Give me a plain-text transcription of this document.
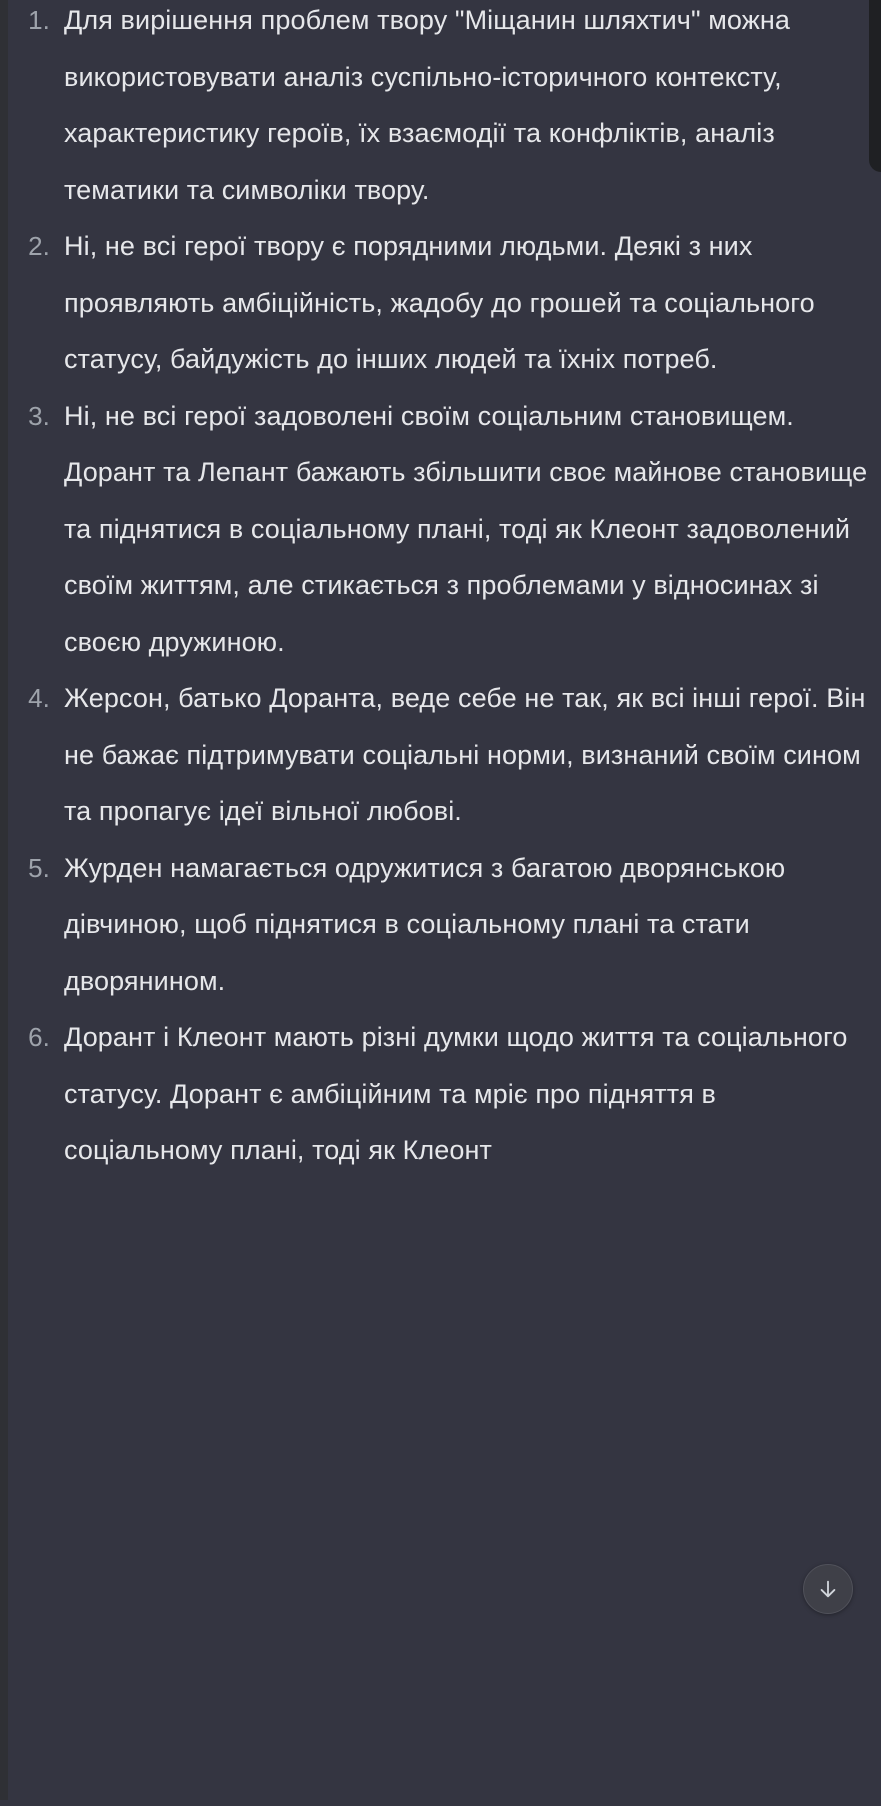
Для вирішення проблем твору "Міщанин шляхтич" можна використовувати аналіз суспільно-історичного контексту, характеристику героїв, їх взаємодії та конфліктів, аналіз тематики та символіки твору.
Ні, не всі герої твору є порядними людьми. Деякі з них проявляють амбіційність, жадобу до грошей та соціального статусу, байдужість до інших людей та їхніх потреб.
Ні, не всі герої задоволені своїм соціальним становищем. Дорант та Лепант бажають збільшити своє майнове становище та піднятися в соціальному плані, тоді як Клеонт задоволений своїм життям, але стикається з проблемами у відносинах зі своєю дружиною.
Жерсон, батько Доранта, веде себе не так, як всі інші герої. Він не бажає підтримувати соціальні норми, визнаний своїм сином та пропагує ідеї вільної любові.
Журден намагається одружитися з багатою дворянською дівчиною, щоб піднятися в соціальному плані та стати дворянином.
Дорант і Клеонт мають різні думки щодо життя та соціального статусу. Дорант є амбіційним та мріє про підняття в соціальному плані, тоді як Клеонт
